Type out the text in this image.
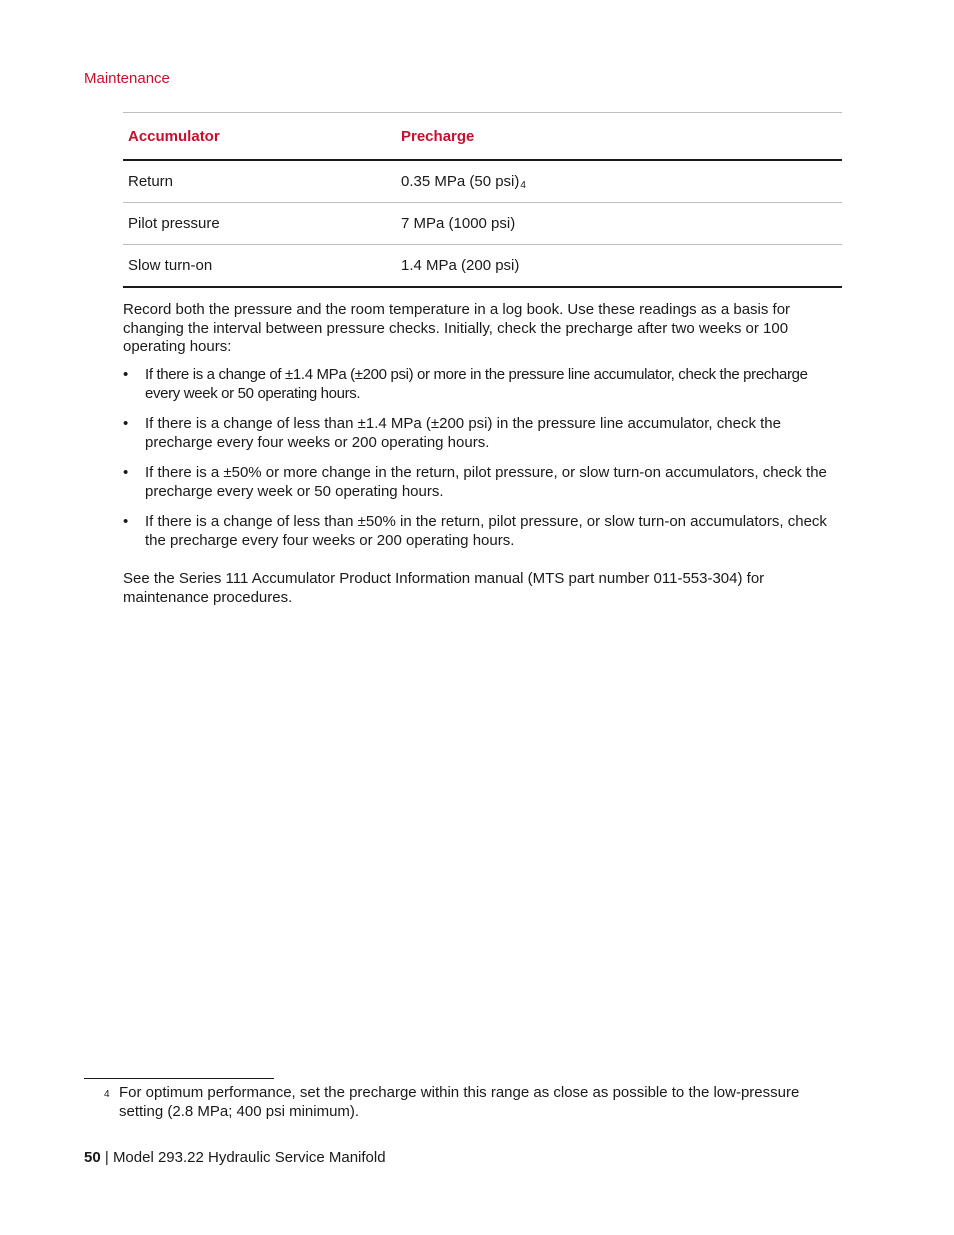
Maintenance
Accumulator	Precharge
Return	0.35 MPa (50 psi)4
Pilot pressure	7 MPa (1000 psi)
Slow turn-on	1.4 MPa (200 psi)

Record both the pressure and the room temperature in a log book. Use these readings as a basis for changing the interval between pressure checks. Initially, check the precharge after two weeks or 100 operating hours:

• If there is a change of ±1.4 MPa (±200 psi) or more in the pressure line accumulator, check the precharge every week or 50 operating hours.
• If there is a change of less than ±1.4 MPa (±200 psi) in the pressure line accumulator, check the precharge every four weeks or 200 operating hours.
• If there is a ±50% or more change in the return, pilot pressure, or slow turn-on accumulators, check the precharge every week or 50 operating hours.
• If there is a change of less than ±50% in the return, pilot pressure, or slow turn-on accumulators, check the precharge every four weeks or 200 operating hours.

See the Series 111 Accumulator Product Information manual (MTS part number 011-553-304) for maintenance procedures.

4 For optimum performance, set the precharge within this range as close as possible to the low-pressure setting (2.8 MPa; 400 psi minimum).
50 | Model 293.22 Hydraulic Service Manifold
